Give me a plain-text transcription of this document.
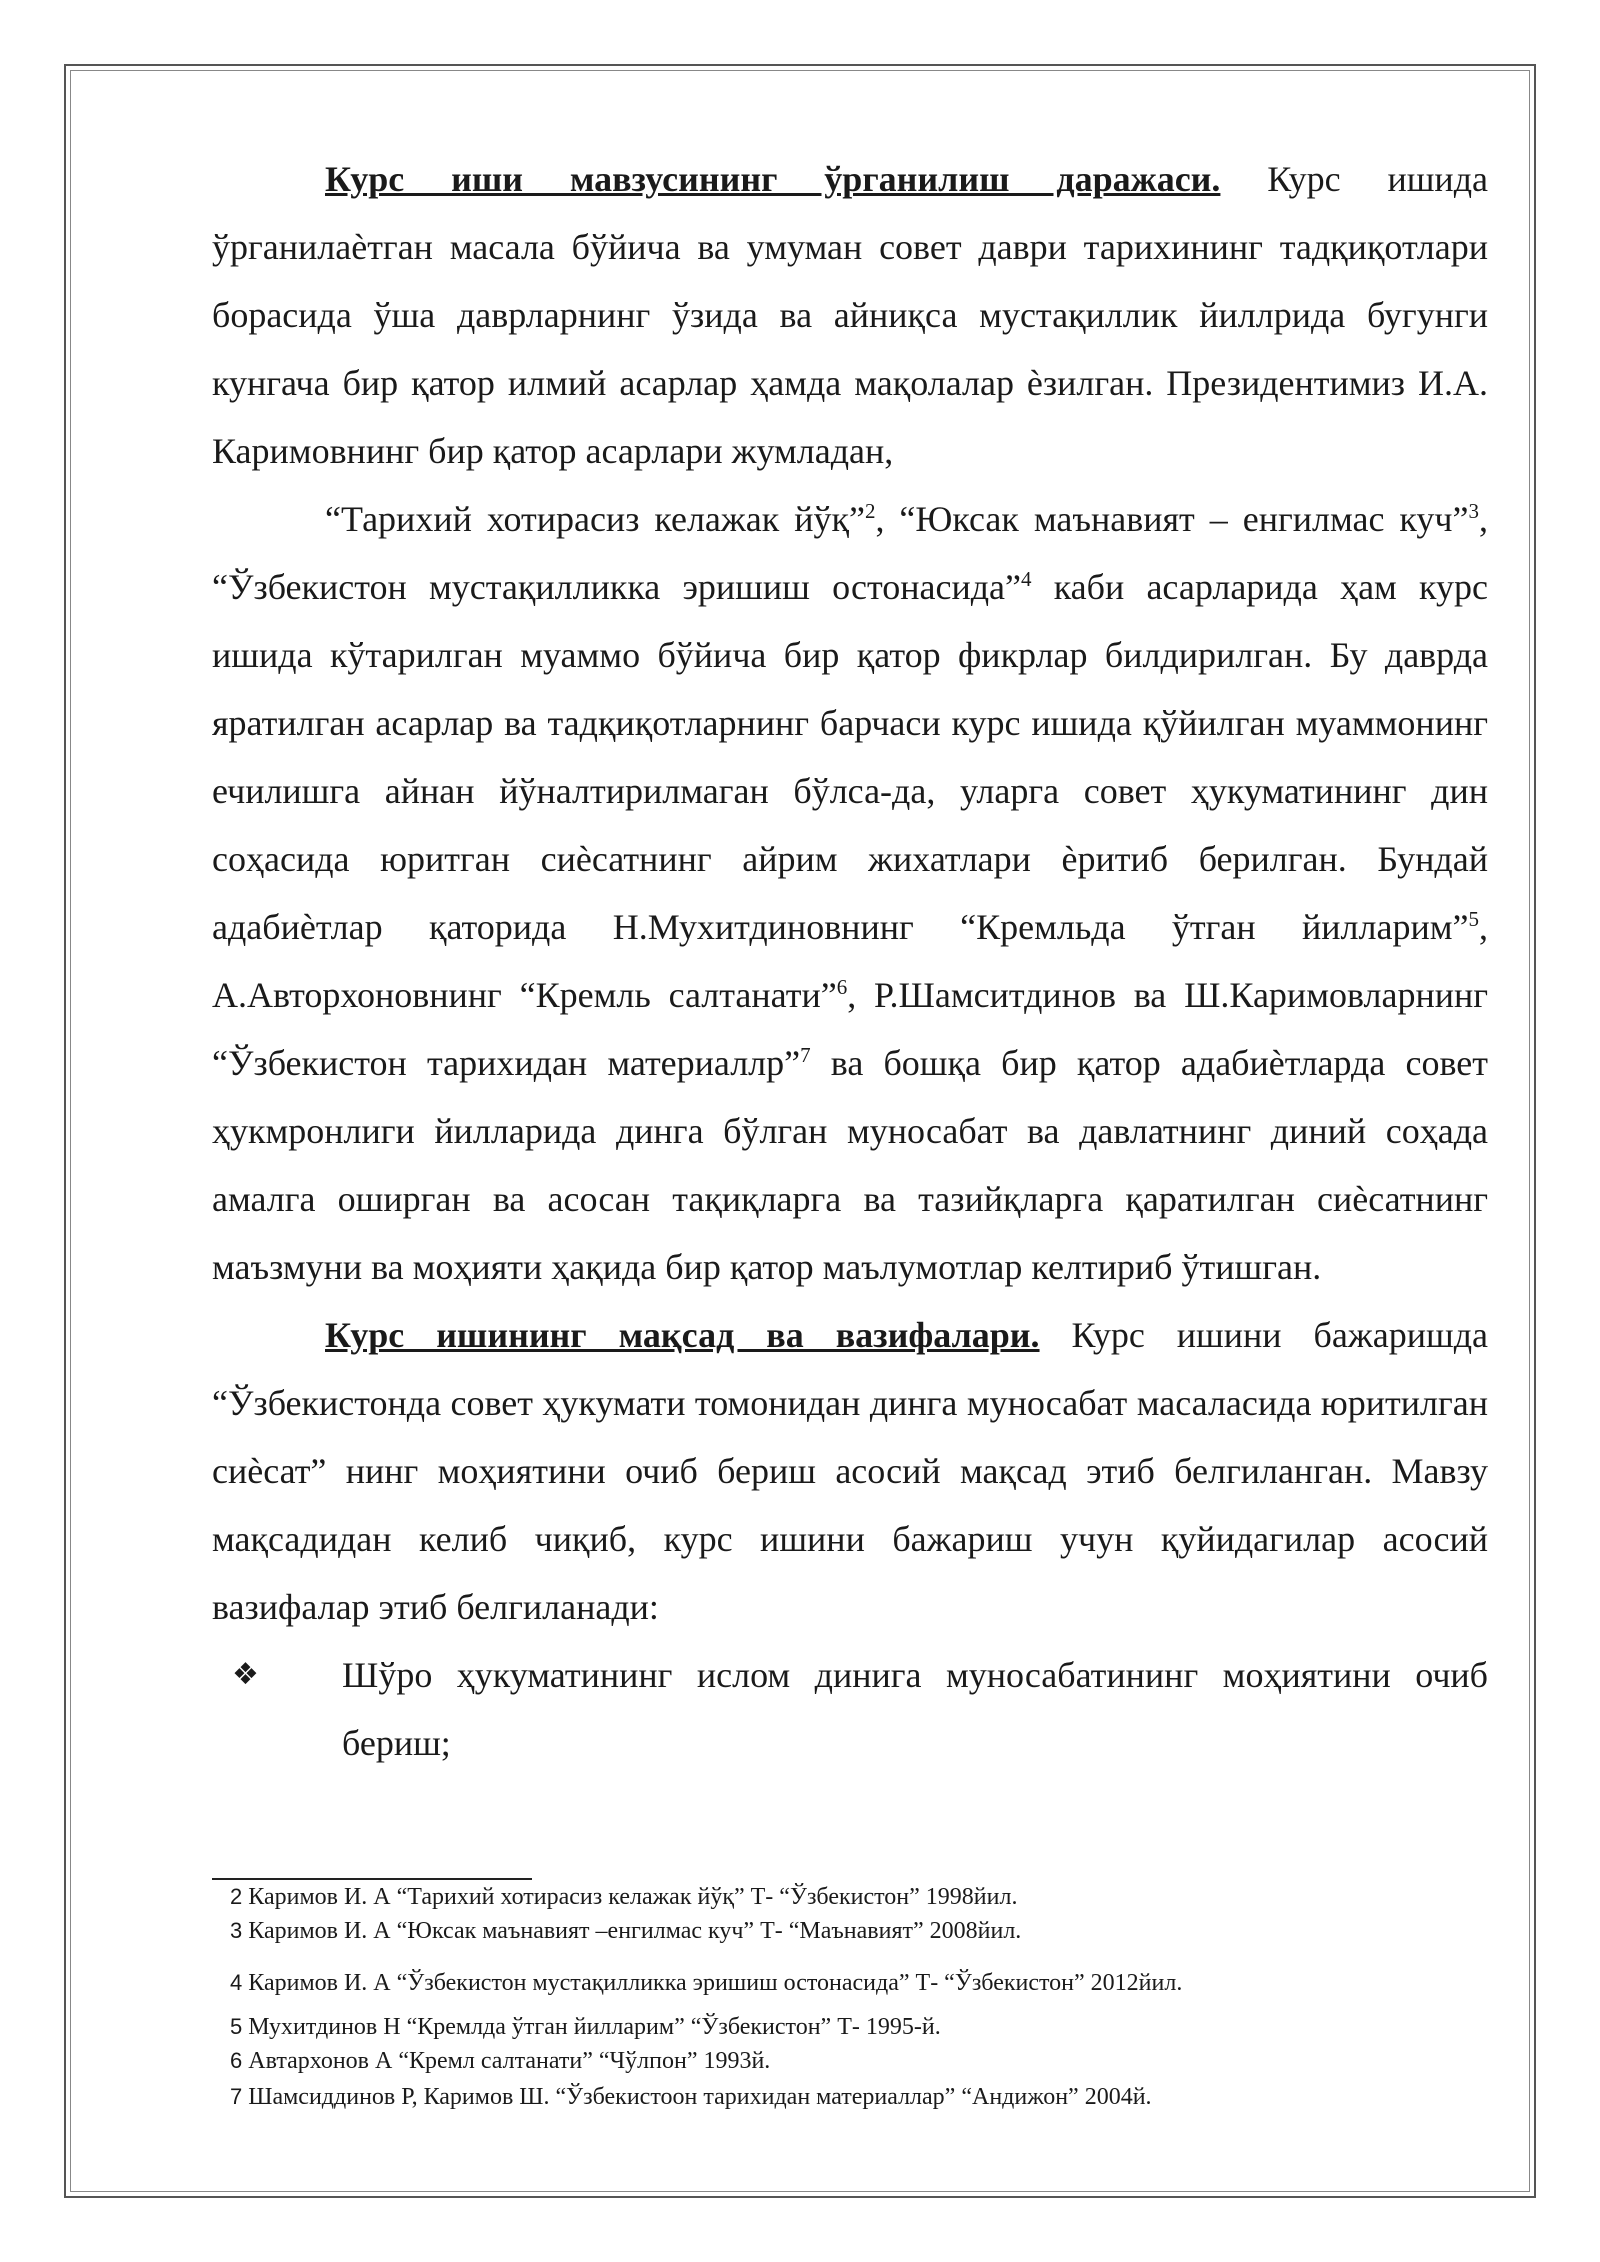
Курс иши мавзусининг ўрганилиш даражаси. Курс ишида ўрганилаѐтган масала бўйича ва умуман совет даври тарихининг тадқиқотлари борасида ўша даврларнинг ўзида ва айниқса мустақиллик йиллрида бугунги кунгача бир қатор илмий асарлар ҳамда мақолалар ѐзилган. Президентимиз И.А. Каримовнинг бир қатор асарлари жумладан,

“Тарихий хотирасиз келажак йўқ”$^2$, “Юксак маънавият – енгилмас куч”$^3$, “Ўзбекистон мустақилликка эришиш остонасида”$^4$ каби асарларида ҳам курс ишида кўтарилган муаммо бўйича бир қатор фикрлар билдирилган. Бу даврда яратилган асарлар ва тадқиқотларнинг барчаси курс ишида қўйилган муаммонинг ечилишга айнан йўналтирилмаган бўлса-да, уларга совет ҳукуматининг дин соҳасида юритган сиѐсатнинг айрим жихатлари ѐритиб берилган. Бундай адабиѐтлар қаторида Н.Мухитдиновнинг “Кремльда ўтган йилларим”$^5$, А.Авторхоновнинг “Кремль салтанати”$^6$, Р.Шамситдинов ва Ш.Каримовларнинг “Ўзбекистон тарихидан материаллр”$^7$ ва бошқа бир қатор адабиѐтларда совет ҳукмронлиги йилларида динга бўлган муносабат ва давлатнинг диний соҳада амалга оширган ва асосан тақиқларга ва тазийқларга қаратилган сиѐсатнинг маъзмуни ва моҳияти ҳақида бир қатор маълумотлар келтириб ўтишган.

Курс ишининг мақсад ва вазифалари. Курс ишини бажаришда “Ўзбекистонда совет ҳукумати томонидан динга муносабат масаласида юритилган сиѐсат” нинг моҳиятини очиб бериш асосий мақсад этиб белгиланган. Мавзу мақсадидан келиб чиқиб, курс ишини бажариш учун қуйидагилар асосий вазифалар этиб белгиланади:

❖ Шўро ҳукуматининг ислом динига муносабатининг моҳиятини очиб бериш;

2 Каримов И. А “Тарихий хотирасиз келажак йўқ” Т- “Ўзбекистон” 1998йил.

3 Каримов И. А “Юксак маънавият –енгилмас куч” Т- “Маънавият” 2008йил.

4 Каримов И. А “Ўзбекистон мустақилликка эришиш остонасида” Т- “Ўзбекистон” 2012йил.

5 Мухитдинов Н “Кремлда ўтган йилларим” “Ўзбекистон” Т- 1995-й.

6 Автархонов А “Кремл салтанати” “Чўлпон” 1993й.

7 Шамсиддинов Р, Каримов Ш. “Ўзбекистоон тарихидан материаллар” “Андижон” 2004й.
